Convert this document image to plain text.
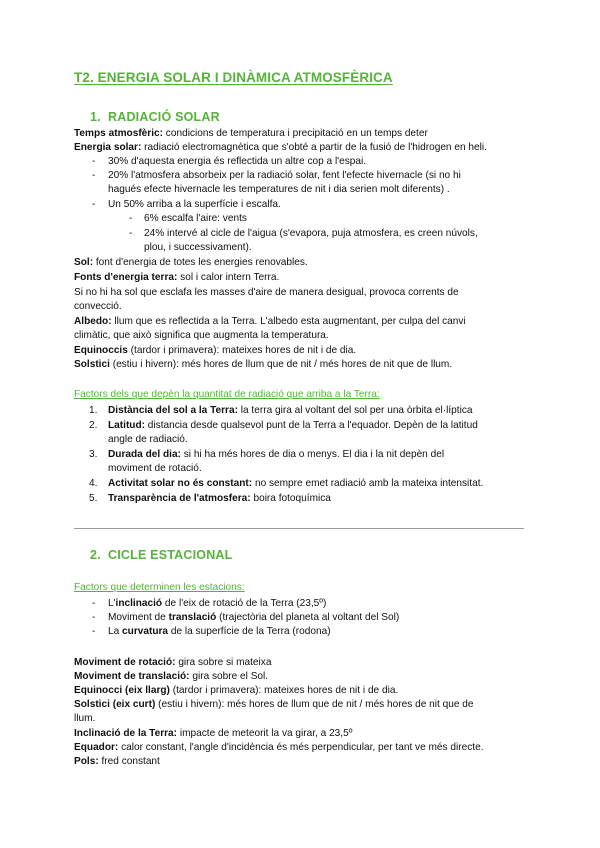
T2. ENERGIA SOLAR I DINÀMICA ATMOSFÈRICA
1. RADIACIÓ SOLAR
Temps atmosfèric: condicions de temperatura i precipitació en un temps deter
Energia solar: radiació electromagnètica que s'obté a partir de la fusió de l'hidrogen en heli.
- 30% d'aquesta energia és reflectida un altre cop a l'espai.
- 20% l'atmosfera absorbeix per la radiació solar, fent l'efecte hivernacle (si no hi
hagués efecte hivernacle les temperatures de nit i dia serien molt diferents) .
- Un 50% arriba a la superfície i escalfa.
- 6% escalfa l'aire: vents
- 24% intervé al cicle de l'aigua (s'evapora, puja atmosfera, es creen núvols,
plou, i successivament).
Sol: font d'energia de totes les energies renovables.
Fonts d'energia terra: sol i calor intern Terra.
Si no hi ha sol que esclafa les masses d'aire de manera desigual, provoca corrents de
convecció.
Albedo: llum que es reflectida a la Terra. L'albedo esta augmentant, per culpa del canvi
climàtic, que això significa que augmenta la temperatura.
Equinoccis (tardor i primavera): mateixes hores de nit i de dia.
Solstici (estiu i hivern): més hores de llum que de nit / més hores de nit que de llum.
Factors dels que depèn la quantitat de radiació que arriba a la Terra:
1. Distància del sol a la Terra: la terra gira al voltant del sol per una òrbita el·líptica
2. Latitud: distancia desde qualsevol punt de la Terra a l'equador. Depèn de la latitud
angle de radiació.
3. Durada del dia: si hi ha més hores de dia o menys. El dia i la nit depèn del
moviment de rotació.
4. Activitat solar no és constant: no sempre emet radiació amb la mateixa intensitat.
5. Transparència de l'atmosfera: boira fotoquímica
2. CICLE ESTACIONAL
Factors que determinen les estacions:
- L'inclinació de l'eix de rotació de la Terra (23,5º)
- Moviment de translació (trajectòria del planeta al voltant del Sol)
- La curvatura de la superfície de la Terra (rodona)
Moviment de rotació: gira sobre si mateixa
Moviment de translació: gira sobre el Sol.
Equinocci (eix llarg) (tardor i primavera): mateixes hores de nit i de dia.
Solstici (eix curt) (estiu i hivern): més hores de llum que de nit / més hores de nit que de
llum.
Inclinació de la Terra: impacte de meteorit la va girar, a 23,5º
Equador: calor constant, l'angle d'incidència és més perpendicular, per tant ve més directe.
Pols: fred constant
